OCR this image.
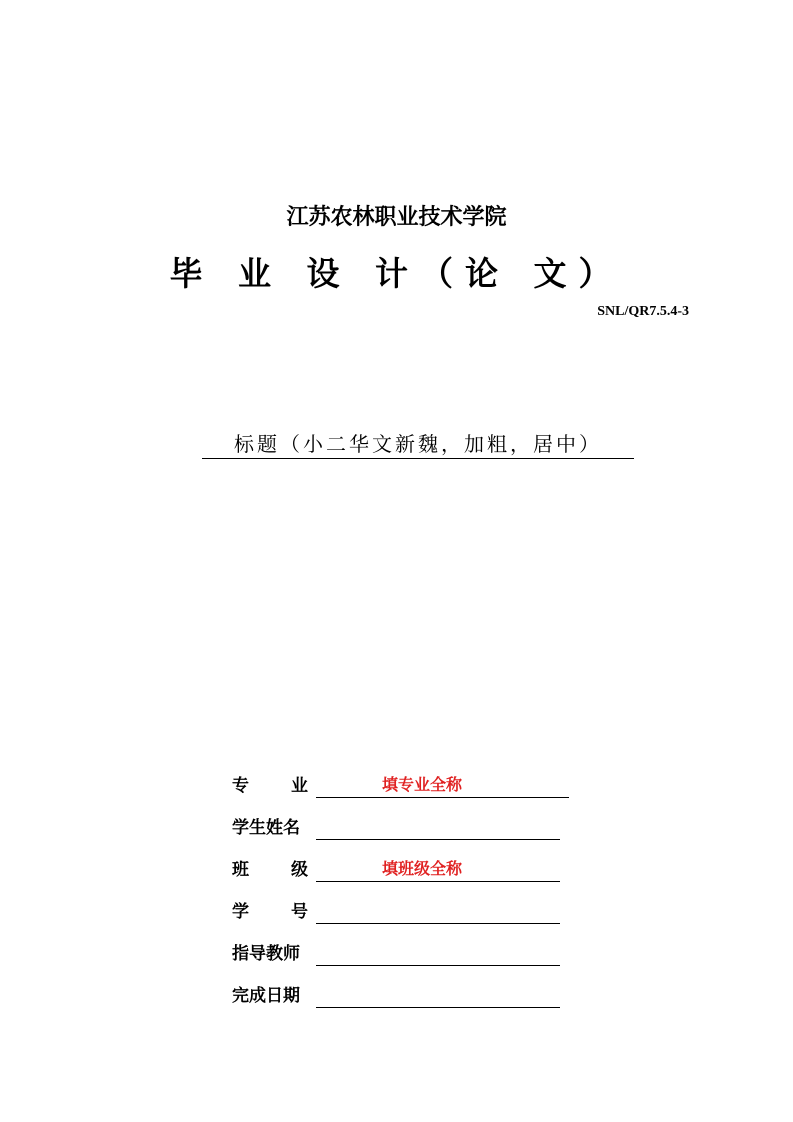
江苏农林职业技术学院
毕 业 设 计（论 文）
SNL/QR7.5.4-3
标题（小二华文新魏，加粗，居中）
专 业	填专业全称
学生姓名
班 级	填班级全称
学 号
指导教师
完成日期
